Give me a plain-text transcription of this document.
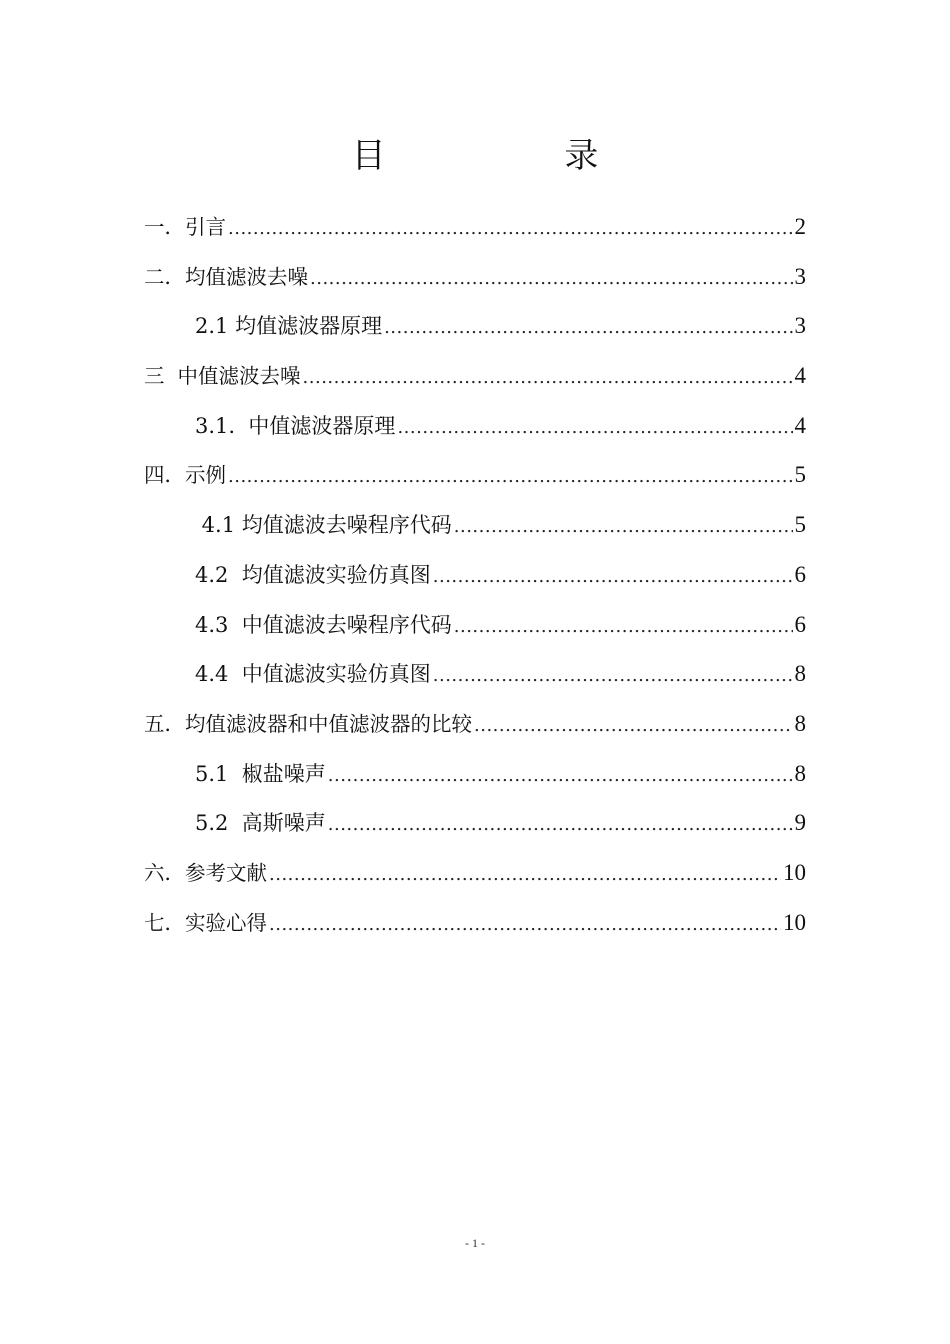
目 录
一．引言 .....	2
二．均值滤波去噪 .....	3
2.1 均值滤波器原理 .....	3
三  中值滤波去噪 .....	4
3.1.  中值滤波器原理 .....	4
四．示例 .....	5
4.1 均值滤波去噪程序代码 .....	5
4.2  均值滤波实验仿真图 .....	6
4.3  中值滤波去噪程序代码 .....	6
4.4  中值滤波实验仿真图 .....	8
五．均值滤波器和中值滤波器的比较 .....	8
5.1  椒盐噪声 .....	8
5.2  高斯噪声 .....	9
六．参考文献 .....	10
七．实验心得 .....	10
- 1 -
